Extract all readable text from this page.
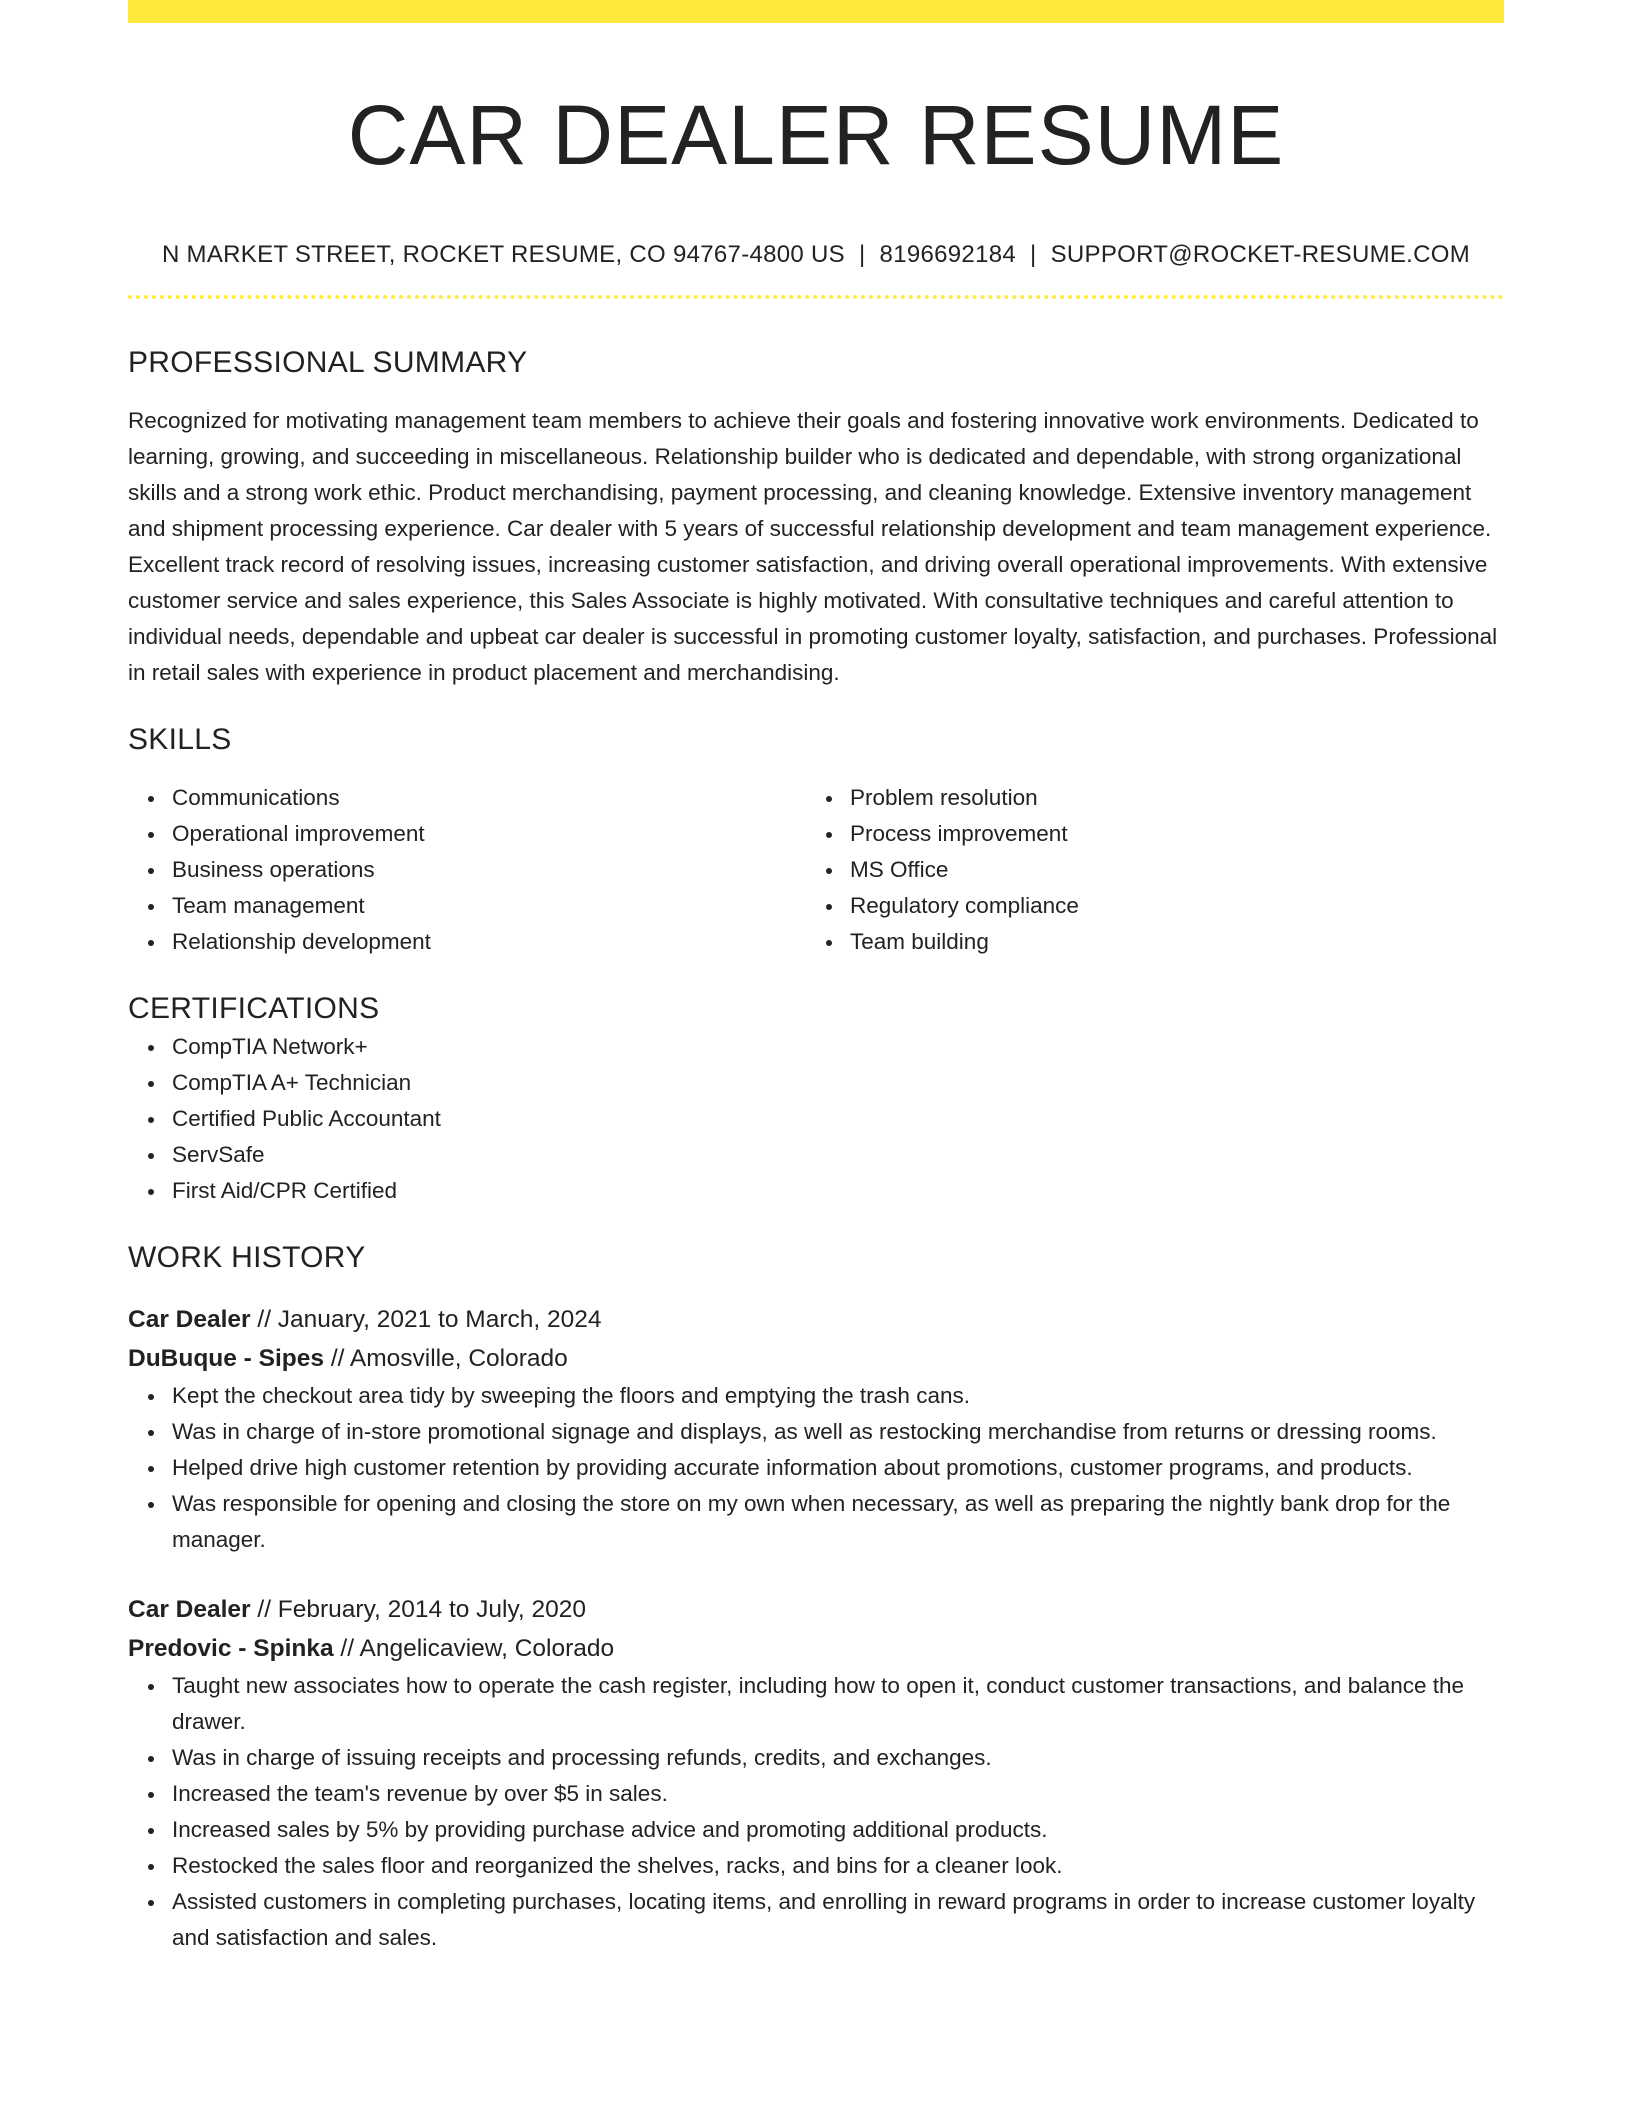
CAR DEALER RESUME
N MARKET STREET, ROCKET RESUME, CO 94767-4800 US | 8196692184 | SUPPORT@ROCKET-RESUME.COM
PROFESSIONAL SUMMARY
Recognized for motivating management team members to achieve their goals and fostering innovative work environments. Dedicated to learning, growing, and succeeding in miscellaneous. Relationship builder who is dedicated and dependable, with strong organizational skills and a strong work ethic. Product merchandising, payment processing, and cleaning knowledge. Extensive inventory management and shipment processing experience. Car dealer with 5 years of successful relationship development and team management experience. Excellent track record of resolving issues, increasing customer satisfaction, and driving overall operational improvements. With extensive customer service and sales experience, this Sales Associate is highly motivated. With consultative techniques and careful attention to individual needs, dependable and upbeat car dealer is successful in promoting customer loyalty, satisfaction, and purchases. Professional in retail sales with experience in product placement and merchandising.
SKILLS
Communications
Operational improvement
Business operations
Team management
Relationship development
Problem resolution
Process improvement
MS Office
Regulatory compliance
Team building
CERTIFICATIONS
CompTIA Network+
CompTIA A+ Technician
Certified Public Accountant
ServSafe
First Aid/CPR Certified
WORK HISTORY
Car Dealer // January, 2021 to March, 2024
DuBuque - Sipes // Amosville, Colorado
Kept the checkout area tidy by sweeping the floors and emptying the trash cans.
Was in charge of in-store promotional signage and displays, as well as restocking merchandise from returns or dressing rooms.
Helped drive high customer retention by providing accurate information about promotions, customer programs, and products.
Was responsible for opening and closing the store on my own when necessary, as well as preparing the nightly bank drop for the manager.
Car Dealer // February, 2014 to July, 2020
Predovic - Spinka // Angelicaview, Colorado
Taught new associates how to operate the cash register, including how to open it, conduct customer transactions, and balance the drawer.
Was in charge of issuing receipts and processing refunds, credits, and exchanges.
Increased the team's revenue by over $5 in sales.
Increased sales by 5% by providing purchase advice and promoting additional products.
Restocked the sales floor and reorganized the shelves, racks, and bins for a cleaner look.
Assisted customers in completing purchases, locating items, and enrolling in reward programs in order to increase customer loyalty and satisfaction and sales.
